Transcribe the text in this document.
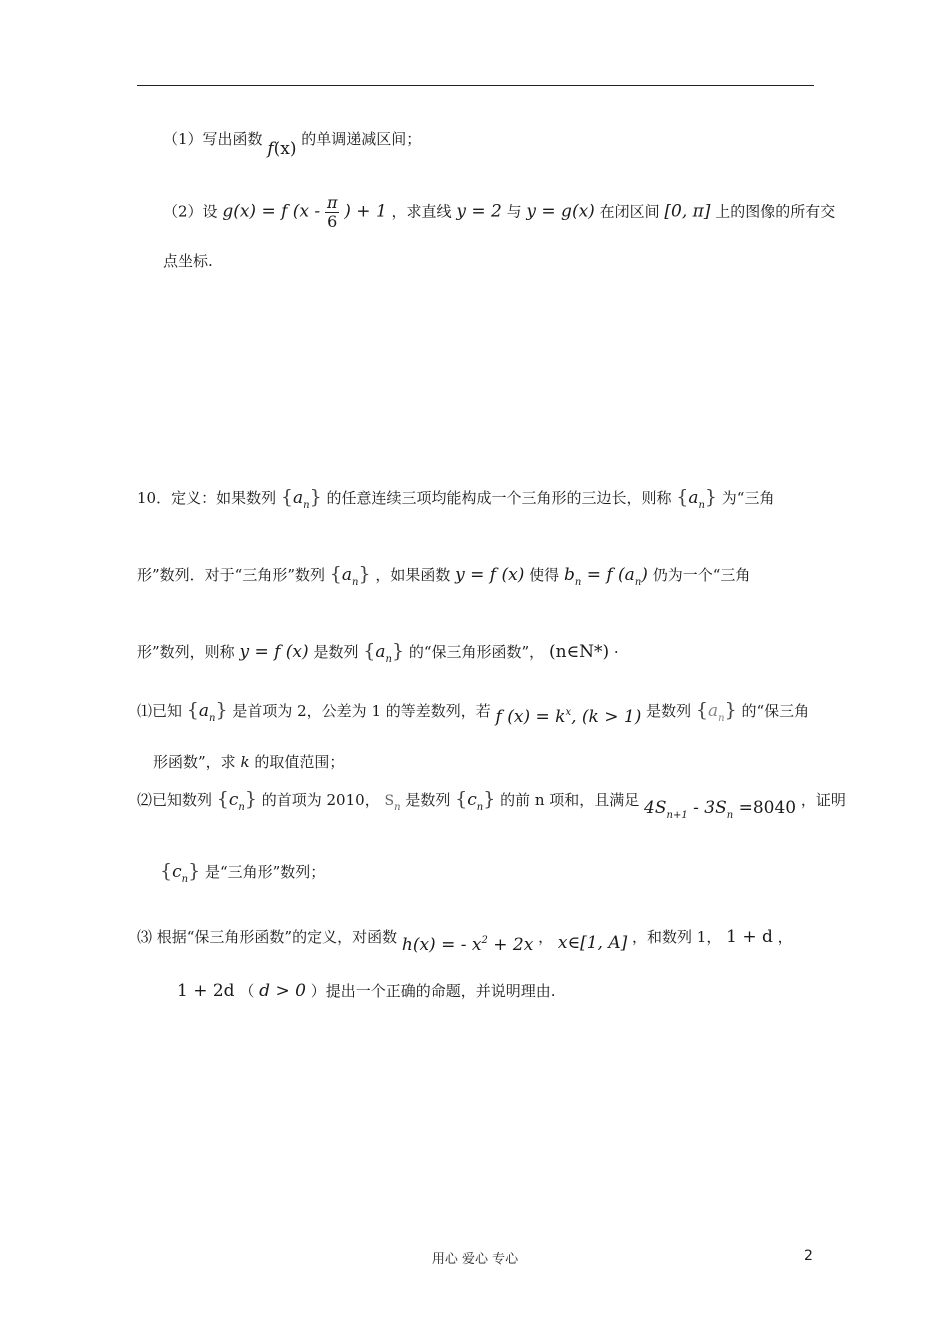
（1）写出函数 f(x) 的单调递减区间；
（2）设 g(x) = f ($x - \frac{\pi}{6}$ ) + 1 ，求直线 y = 2 与 y = g(x) 在闭区间 [0, π] 上的图像的所有交
点坐标.
10．定义：如果数列 $\{a_n\}$ 的任意连续三项均能构成一个三角形的三边长，则称 $\{a_n\}$ 为“三角
形”数列．对于“三角形”数列 $\{a_n\}$ ，如果函数 y = f (x) 使得 $b_n = f$ $(a_n)$ 仍为一个“三角
形”数列，则称 y = f (x) 是数列 $\{a_n\}$ 的“保三角形函数”， (n∈N*) ·
⑴已知 $\{a_n\}$ 是首项为 2，公差为 1 的等差数列，若 f $(x) = k^x$, (k > 1) 是数列 $\{a_n\}$ 的“保三角
形函数”，求 k 的取值范围；
⑵已知数列 $\{c_n\}$ 的首项为 2010， $S_n$ 是数列 $\{c_n\}$ 的前 n 项和，且满足 $4S_{n+1} - 3S_n =8040$ ，证明
$\{c_n\}$ 是“三角形”数列；
⑶ 根据“保三角形函数”的定义，对函数 h(x) = - $x^2 + 2x$ ， x∈[1, A] ，和数列 1， 1 + d ，
1 + 2d （ d > 0 ）提出一个正确的命题，并说明理由.
用心 爱心 专心	2
